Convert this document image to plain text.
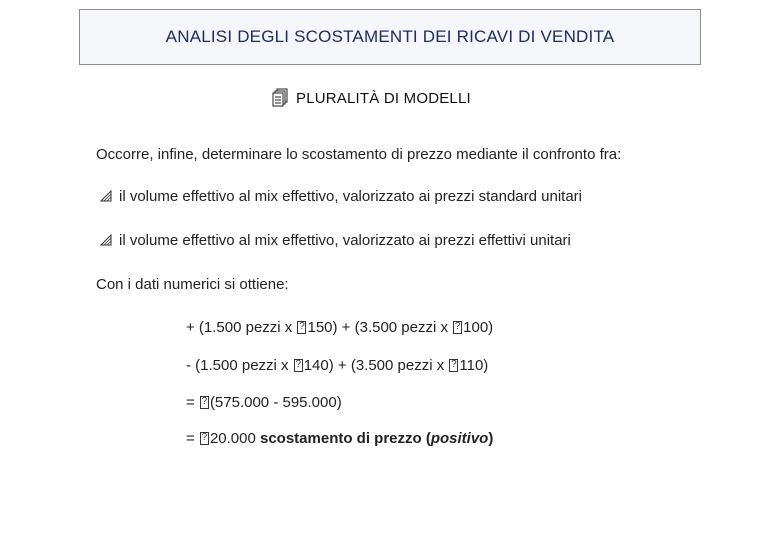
ANALISI DEGLI SCOSTAMENTI DEI RICAVI DI VENDITA
PLURALITÀ DI MODELLI
Occorre, infine, determinare lo scostamento di prezzo mediante il confronto fra:
il volume effettivo al mix effettivo, valorizzato ai prezzi standard unitari
il volume effettivo al mix effettivo, valorizzato ai prezzi effettivi unitari
Con i dati numerici si ottiene:
+ (1.500 pezzi x ?150) + (3.500 pezzi x ?100)
- (1.500 pezzi x ?140) + (3.500 pezzi x ?110)
= ?(575.000 - 595.000)
= ?20.000 scostamento di prezzo (positivo)
